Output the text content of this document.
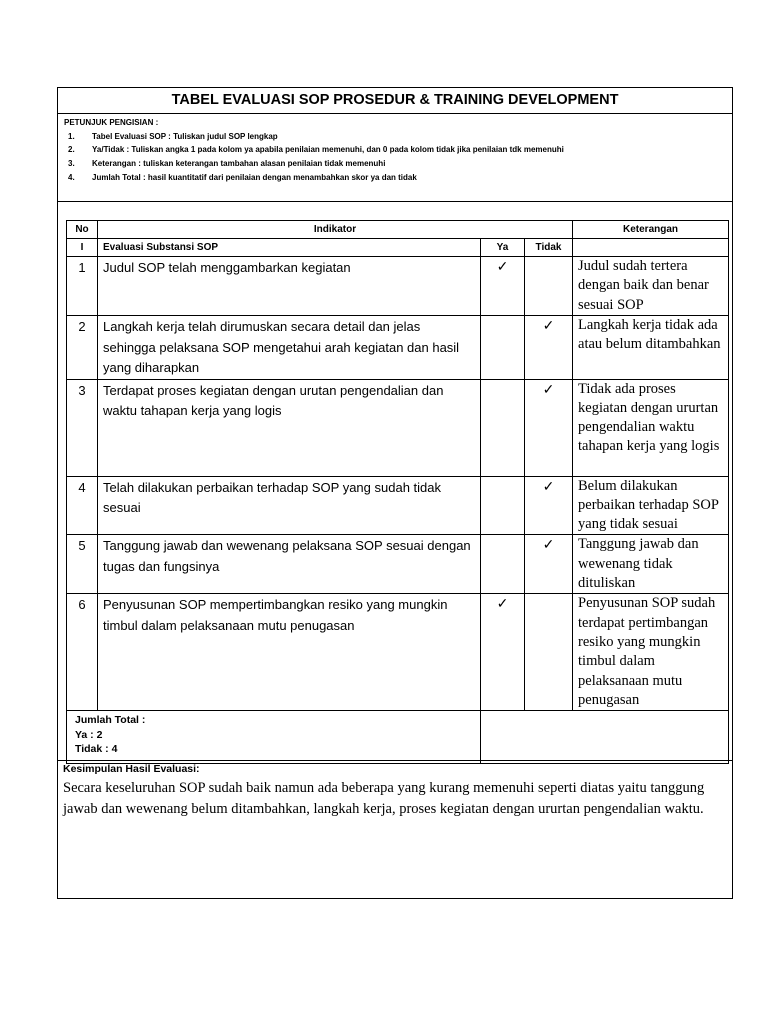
TABEL EVALUASI SOP PROSEDUR & TRAINING DEVELOPMENT
PETUNJUK PENGISIAN :
1.	Tabel Evaluasi SOP : Tuliskan judul SOP lengkap
2.	Ya/Tidak : Tuliskan angka 1 pada kolom ya apabila penilaian memenuhi, dan 0 pada kolom tidak jika penilaian tdk memenuhi
3.	Keterangan : tuliskan keterangan tambahan alasan penilaian tidak memenuhi
4.	Jumlah Total : hasil kuantitatif dari penilaian dengan menambahkan skor ya dan tidak
No	Indikator			Keterangan
I	Evaluasi Substansi SOP	Ya	Tidak	
1	Judul SOP telah menggambarkan kegiatan	✓		Judul sudah tertera dengan baik dan benar sesuai SOP
2	Langkah kerja telah dirumuskan secara detail dan jelas sehingga pelaksana SOP mengetahui arah kegiatan dan hasil yang diharapkan		✓	Langkah kerja tidak ada atau belum ditambahkan
3	Terdapat proses kegiatan dengan urutan pengendalian dan waktu tahapan kerja yang logis		✓	Tidak ada proses kegiatan dengan ururtan pengendalian waktu tahapan kerja yang logis
4	Telah dilakukan perbaikan terhadap SOP yang sudah tidak sesuai		✓	Belum dilakukan perbaikan terhadap SOP yang tidak sesuai
5	Tanggung jawab dan wewenang pelaksana SOP sesuai dengan tugas dan fungsinya		✓	Tanggung jawab dan wewenang tidak dituliskan
6	Penyusunan SOP mempertimbangkan resiko yang mungkin timbul dalam pelaksanaan mutu penugasan	✓		Penyusunan SOP sudah terdapat pertimbangan resiko yang mungkin timbul dalam pelaksanaan mutu penugasan

Jumlah Total :
Ya : 2
Tidak : 4				

Kesimpulan Hasil Evaluasi:
Secara keseluruhan SOP sudah baik namun ada beberapa yang kurang memenuhi seperti diatas yaitu tanggung jawab dan wewenang belum ditambahkan, langkah kerja, proses kegiatan dengan ururtan pengendalian waktu.
